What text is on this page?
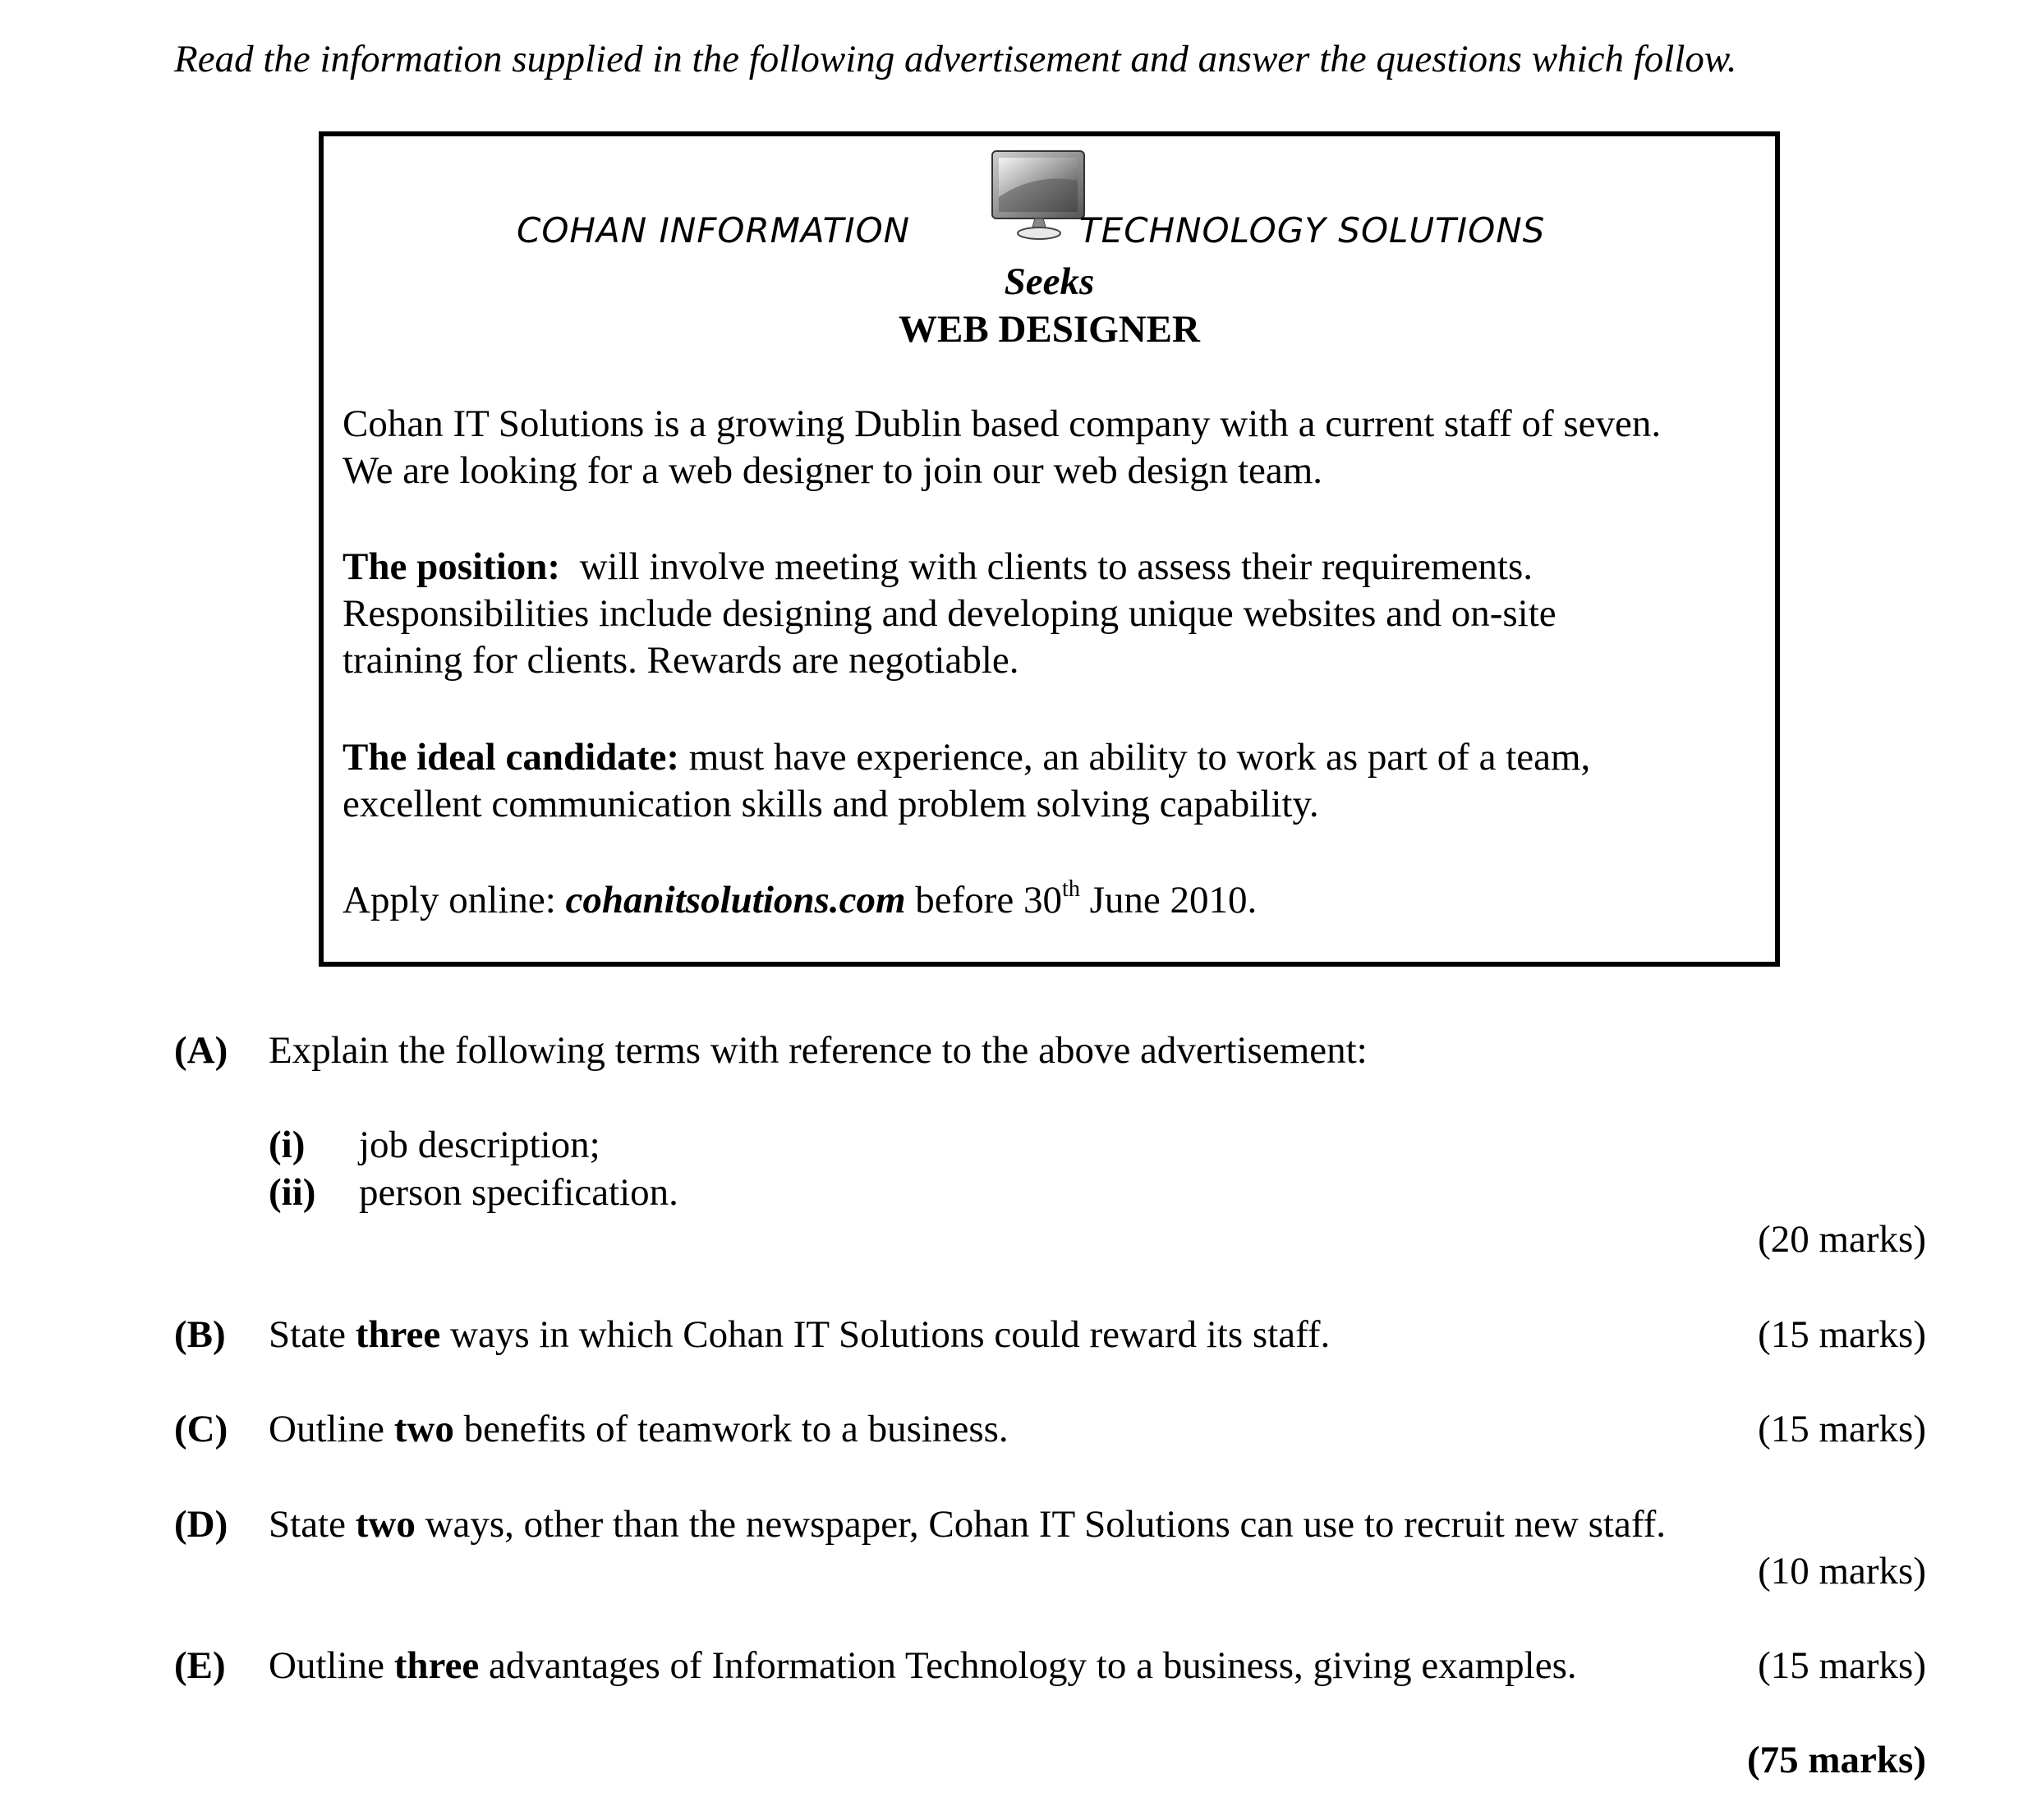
Read the information supplied in the following advertisement and answer the questions which follow.
COHAN INFORMATION	TECHNOLOGY SOLUTIONS
Seeks
WEB DESIGNER
Cohan IT Solutions is a growing Dublin based company with a current staff of seven.
We are looking for a web designer to join our web design team.
The position:  will involve meeting with clients to assess their requirements.
Responsibilities include designing and developing unique websites and on-site
training for clients. Rewards are negotiable.
The ideal candidate: must have experience, an ability to work as part of a team,
excellent communication skills and problem solving capability.
Apply online: cohanitsolutions.com before 30th June 2010.
(A) Explain the following terms with reference to the above advertisement:
(i) job description;
(ii) person specification.
(20 marks)
(B) State three ways in which Cohan IT Solutions could reward its staff.	(15 marks)
(C) Outline two benefits of teamwork to a business.	(15 marks)
(D) State two ways, other than the newspaper, Cohan IT Solutions can use to recruit new staff.
(10 marks)
(E) Outline three advantages of Information Technology to a business, giving examples.	(15 marks)
(75 marks)
